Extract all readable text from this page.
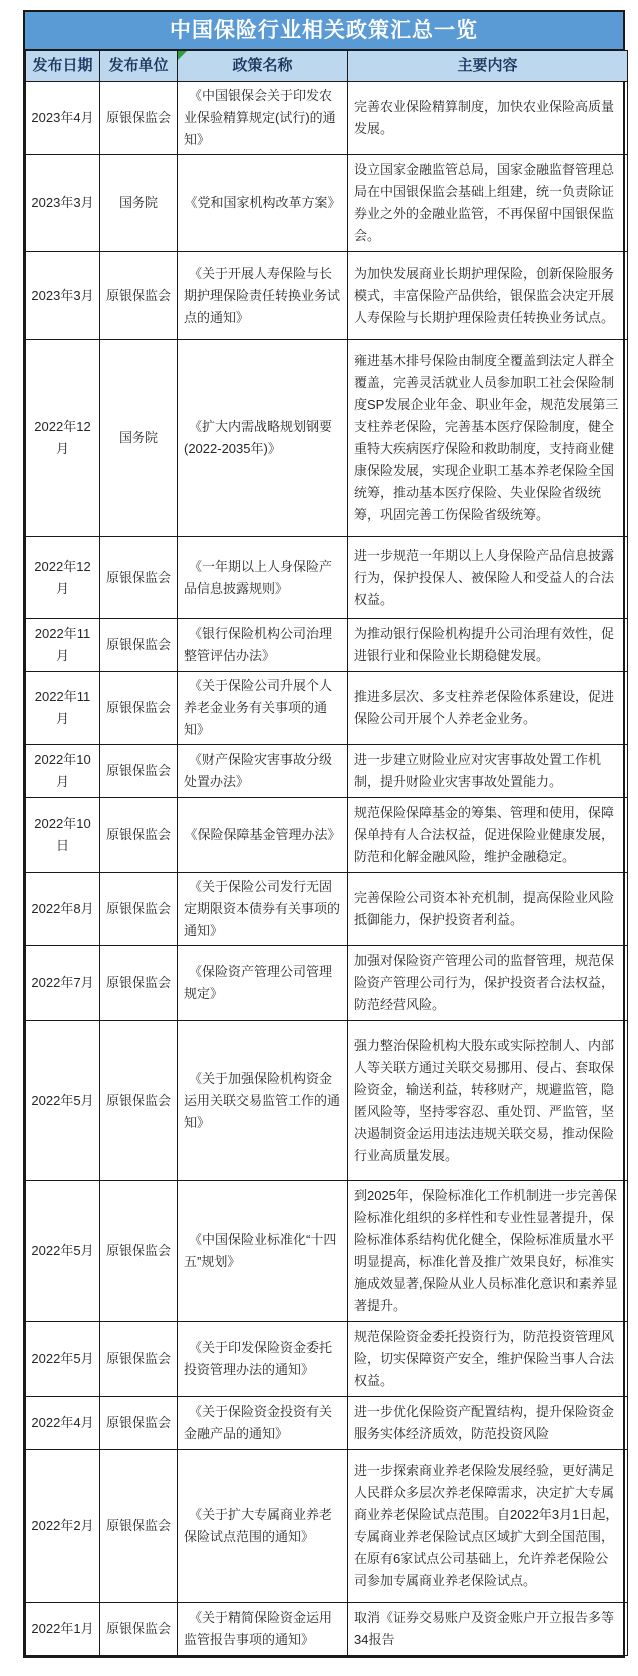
中国保险行业相关政策汇总一览
发布日期	发布单位	政策名称	主要内容
2023年4月	原银保监会	《中国银保会关于印发农业保验精算规定(试行)的通知》	完善农业保险精算制度，加快农业保险高质量发展。
2023年3月	国务院	《党和国家机构改革方案》	设立国家金融监管总局，国家金融监督管理总局在中国银保监会基础上组建，统一负责除证券业之外的金融业监管，不再保留中国银保监会。
2023年3月	原银保监会	《关于开展人寿保险与长期护理保险责任转换业务试点的通知》	为加快发展商业长期护理保险，创新保险服务模式，丰富保险产品供给，银保监会决定开展人寿保险与长期护理保险责任转换业务试点。
2022年12月	国务院	《扩大内需战略规划钢要(2022-2035年)》	雍进基木排号保险由制度全覆盖到法定人群全覆盖，完善灵活就业人员参加职工社会保险制度SP发展企业年金、职业年金，规范发展第三支柱养老保险，完善基本医疗保险制度，健全重特大疾病医疗保险和救助制度，支持商业健康保险发展，实现企业职工基本养老保险全国统筹，推动基本医疗保险、失业保险省级统筹，巩固完善工伤保险省级统筹。
2022年12月	原银保监会	《一年期以上人身保险产品信息披露规则》	进一步规范一年期以上人身保险产品信息披露行为，保护投保人、被保险人和受益人的合法权益。
2022年11月	原银保监会	《银行保险机构公司治理整管评估办法》	为推动银行保险机构提升公司治理有效性，促进银行业和保险业长期稳健发展。
2022年11月	原银保监会	《关于保险公司升展个人养老金业务有关事项的通知》	推进多层次、多支柱养老保险体系建设，促进保险公司开展个人养老金业务。
2022年10月	原银保监会	《财产保险灾害事故分级处置办法》	进一步建立财险业应对灾害事故处置工作机制，提升财险业灾害事故处置能力。
2022年10日	原银保监会	《保险保障基金管理办法》	规范保险保障基金的筹集、管理和使用，保障保单持有人合法权益，促进保险业健康发展，防范和化解金融风险，维护金融稳定。
2022年8月	原银保监会	《关于保险公司发行无固定期限资本债券有关事项的通知》	完善保险公司资本补充机制，提高保险业风险抵御能力，保护投资者利益。
2022年7月	原银保监会	《保险资产管理公司管理规定》	加强对保险资产管理公司的监督管理，规范保险资产管理公司行为，保护投资者合法权益，防范经营风险。
2022年5月	原银保监会	《关于加强保险机构资金运用关联交易监管工作的通知》	强力整治保险机构大股东或实际控制人、内部人等关联方通过关联交易挪用、侵占、套取保险资金，输送利益，转移财产，规避监管，隐匿风险等，坚持零容忍、重处罚、严监管，坚决遏制资金运用违法违规关联交易，推动保险行业高质量发展。
2022年5月	原银保监会	《中国保险业标准化“十四五”规划》	到2025年，保险标准化工作机制进一步完善保险标准化组织的多样性和专业性显著提升，保险标准体系结构优化健全，保险标准质量水平明显提高，标准化普及推广效果良好，标准实施成效显著,保险从业人员标准化意识和素养显著提升。
2022年5月	原银保监会	《关于印发保险资金委托投资管理办法的通知》	规范保险资金委托投资行为，防范投资管理风险，切实保障资产安全，维护保险当事人合法权益。
2022年4月	原银保监会	《关于保险资金投资有关金融产品的通知》	进一步优化保险资产配置结构，提升保险资金服务实体经济质效，防范投资风险
2022年2月	原银保监会	《关于扩大专属商业养老保险试点范围的通知》	进一步探索商业养老保险发展经验，更好满足人民群众多层次养老保障需求，决定扩大专属商业养老保险试点范围。自2022年3月1日起，专属商业养老保险试点区域扩大到全国范围，在原有6家试点公司基础上，允许养老保险公司参加专属商业养老保险试点。
2022年1月	原银保监会	《关于精简保险资金运用监管报告事项的通知》	取消《证券交易账户及资金账户开立报告多等34报告
